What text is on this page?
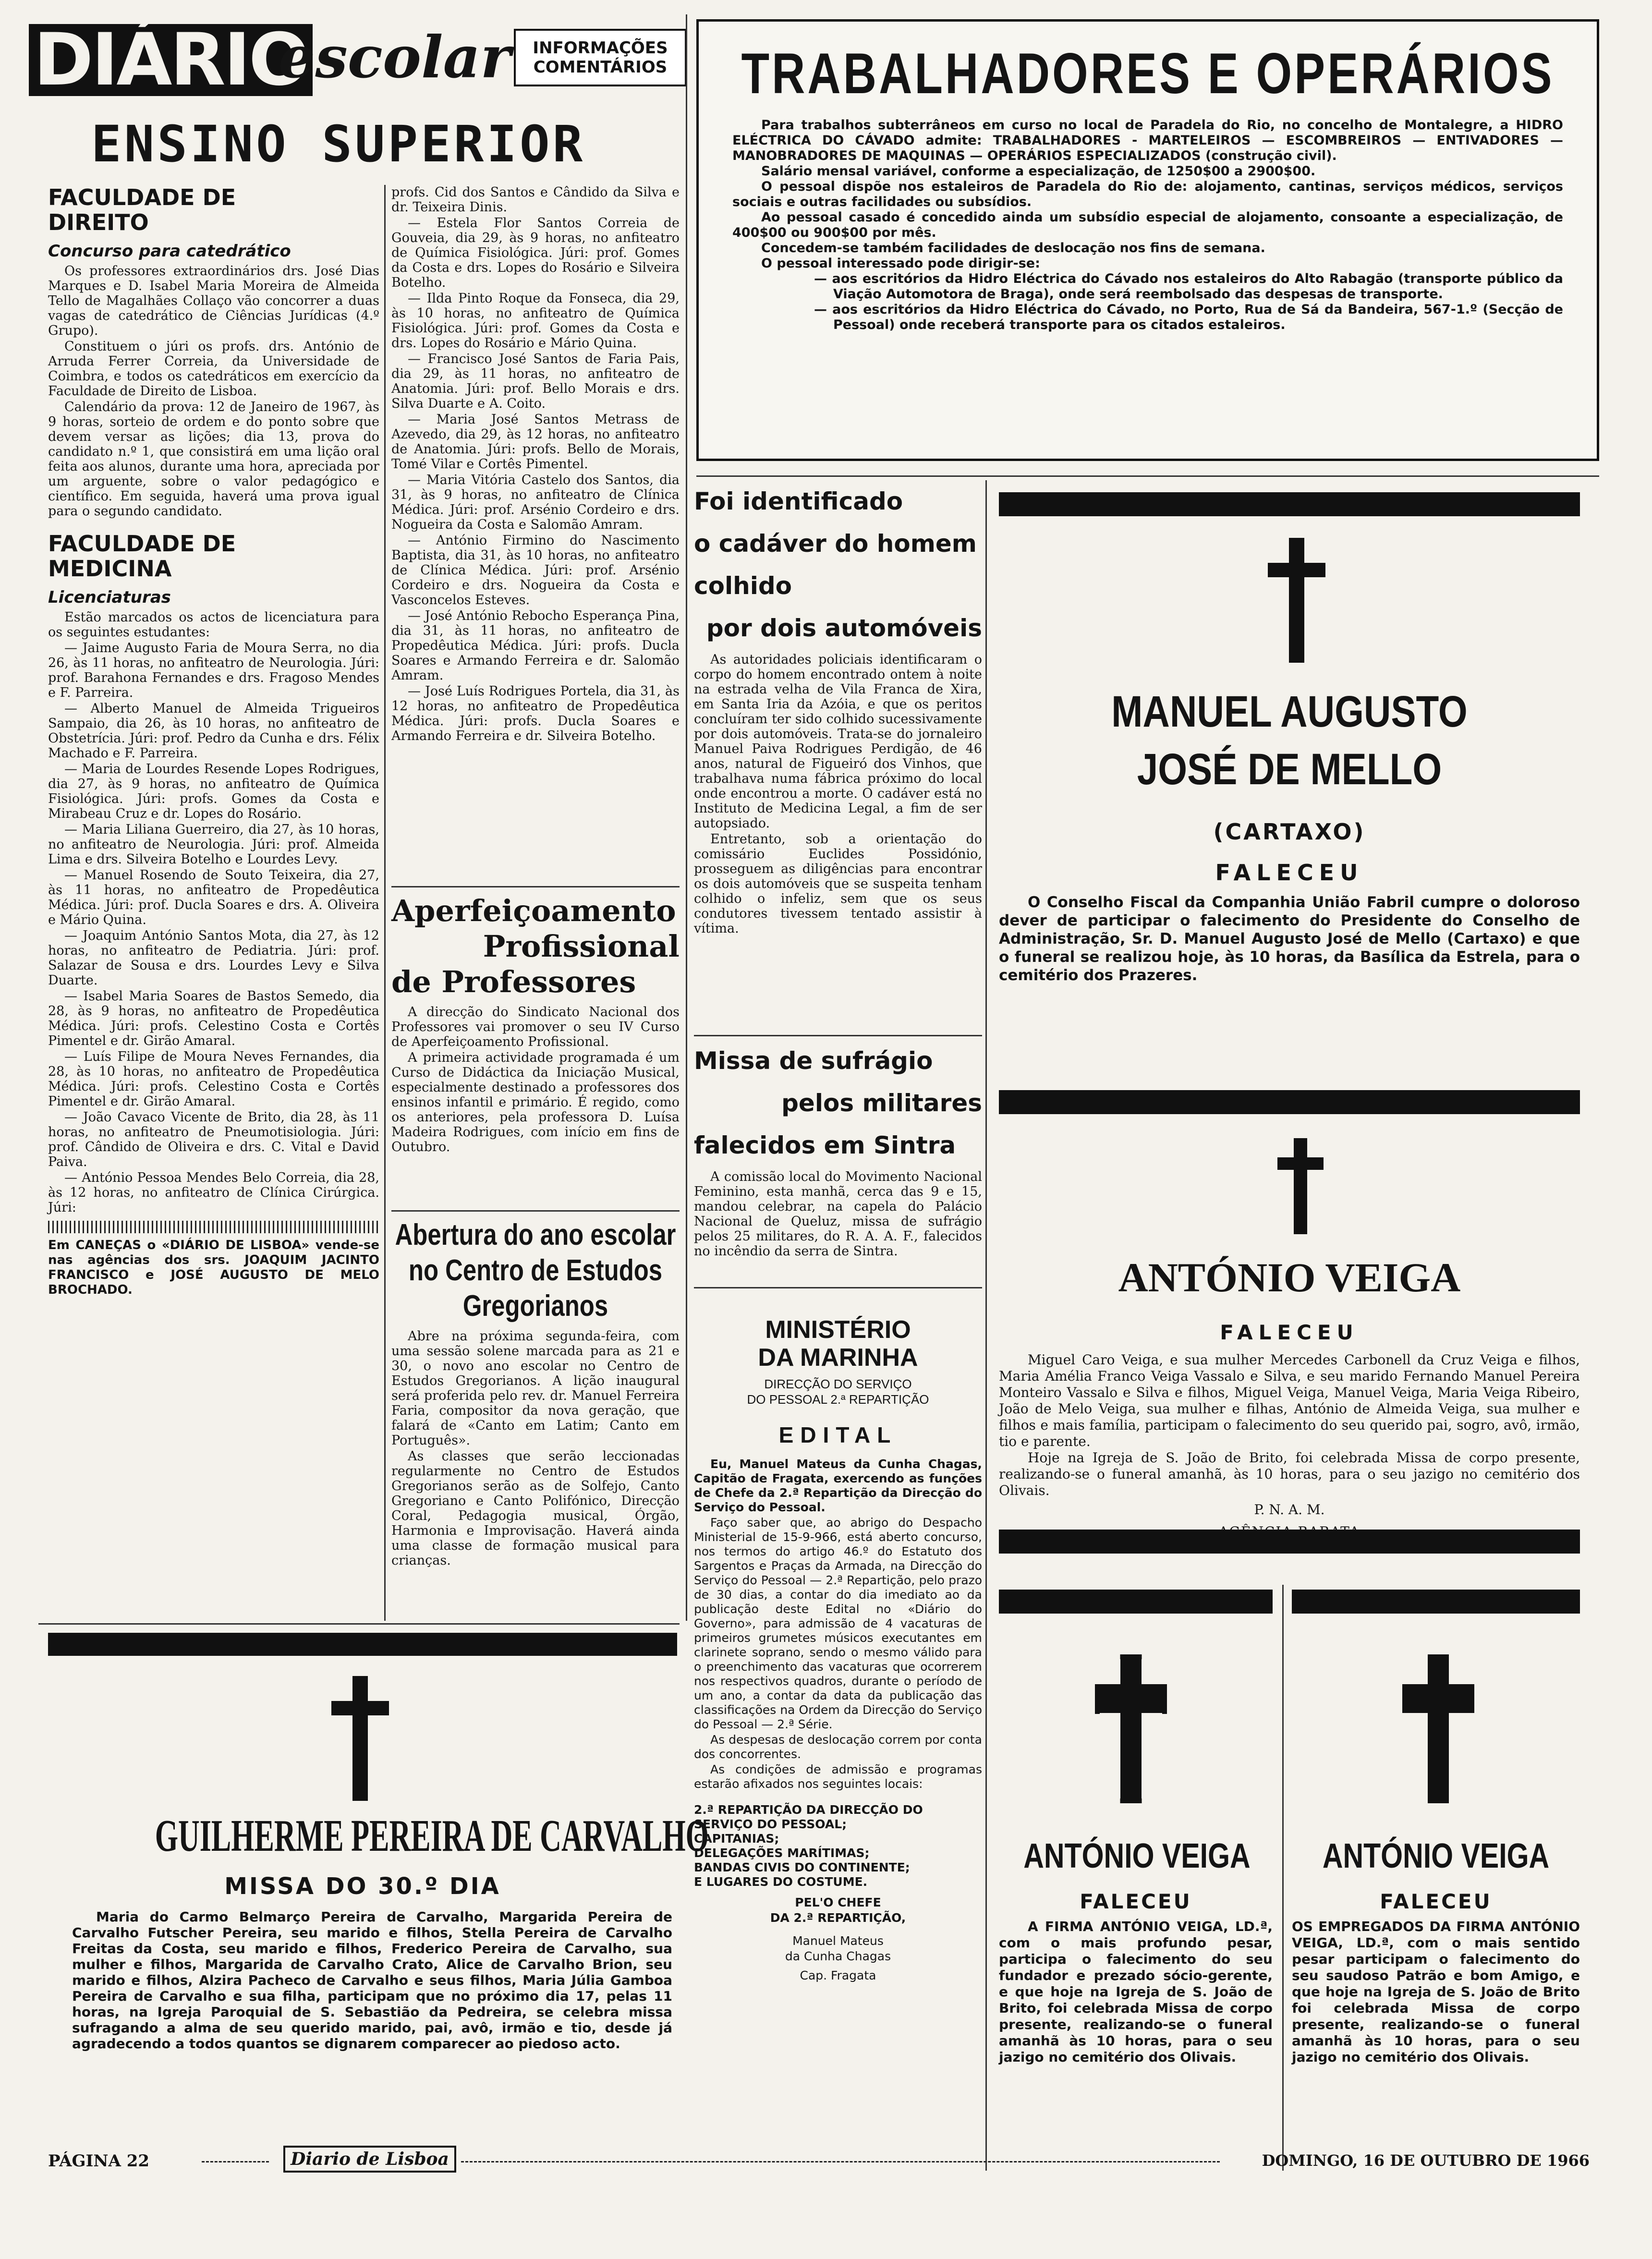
DIÁRIO
escolar	INFORMAÇÕES
COMENTÁRIOS
ENSINO SUPERIOR
FACULDADE DE DIREITO
Concurso para catedrático

Os professores extraordinários drs. José Dias Marques e D. Isabel Maria Moreira de Almeida Tello de Magalhães Collaço vão concorrer a duas vagas de catedrático de Ciências Jurídicas (4.º Grupo).

Constituem o júri os profs. drs. António de Arruda Ferrer Correia, da Universidade de Coimbra, e todos os catedráticos em exercício da Faculdade de Direito de Lisboa.

Calendário da prova: 12 de Janeiro de 1967, às 9 horas, sorteio de ordem e do ponto sobre que devem versar as lições; dia 13, prova do candidato n.º 1, que consistirá em uma lição oral feita aos alunos, durante uma hora, apreciada por um arguente, sobre o valor pedagógico e científico. Em seguida, haverá uma prova igual para o segundo candidato.

FACULDADE DE MEDICINA
Licenciaturas

Estão marcados os actos de licenciatura para os seguintes estudantes:

— Jaime Augusto Faria de Moura Serra, no dia 26, às 11 horas, no anfiteatro de Neurologia. Júri: prof. Barahona Fernandes e drs. Fragoso Mendes e F. Parreira.

— Alberto Manuel de Almeida Trigueiros Sampaio, dia 26, às 10 horas, no anfiteatro de Obstetrícia. Júri: prof. Pedro da Cunha e drs. Félix Machado e F. Parreira.

— Maria de Lourdes Resende Lopes Rodrigues, dia 27, às 9 horas, no anfiteatro de Química Fisiológica. Júri: profs. Gomes da Costa e Mirabeau Cruz e dr. Lopes do Rosário.

— Maria Liliana Guerreiro, dia 27, às 10 horas, no anfiteatro de Neurologia. Júri: prof. Almeida Lima e drs. Silveira Botelho e Lourdes Levy.

— Manuel Rosendo de Souto Teixeira, dia 27, às 11 horas, no anfiteatro de Propedêutica Médica. Júri: prof. Ducla Soares e drs. A. Oliveira e Mário Quina.

— Joaquim António Santos Mota, dia 27, às 12 horas, no anfiteatro de Pediatria. Júri: prof. Salazar de Sousa e drs. Lourdes Levy e Silva Duarte.

— Isabel Maria Soares de Bastos Semedo, dia 28, às 9 horas, no anfiteatro de Propedêutica Médica. Júri: profs. Celestino Costa e Cortês Pimentel e dr. Girão Amaral.

— Luís Filipe de Moura Neves Fernandes, dia 28, às 10 horas, no anfiteatro de Propedêutica Médica. Júri: profs. Celestino Costa e Cortês Pimentel e dr. Girão Amaral.

— João Cavaco Vicente de Brito, dia 28, às 11 horas, no anfiteatro de Pneumotisiologia. Júri: prof. Cândido de Oliveira e drs. C. Vital e David Paiva.

— António Pessoa Mendes Belo Correia, dia 28, às 12 horas, no anfiteatro de Clínica Cirúrgica. Júri:

Em CANEÇAS o «DIÁRIO DE LISBOA» vende-se nas agências dos srs. JOAQUIM JACINTO FRANCISCO e JOSÉ AUGUSTO DE MELO BROCHADO.

profs. Cid dos Santos e Cândido da Silva e dr. Teixeira Dinis.

— Estela Flor Santos Correia de Gouveia, dia 29, às 9 horas, no anfiteatro de Química Fisiológica. Júri: prof. Gomes da Costa e drs. Lopes do Rosário e Silveira Botelho.

— Ilda Pinto Roque da Fonseca, dia 29, às 10 horas, no anfiteatro de Química Fisiológica. Júri: prof. Gomes da Costa e drs. Lopes do Rosário e Mário Quina.

— Francisco José Santos de Faria Pais, dia 29, às 11 horas, no anfiteatro de Anatomia. Júri: prof. Bello Morais e drs. Silva Duarte e A. Coito.

— Maria José Santos Metrass de Azevedo, dia 29, às 12 horas, no anfiteatro de Anatomia. Júri: profs. Bello de Morais, Tomé Vilar e Cortês Pimentel.

— Maria Vitória Castelo dos Santos, dia 31, às 9 horas, no anfiteatro de Clínica Médica. Júri: prof. Arsénio Cordeiro e drs. Nogueira da Costa e Salomão Amram.

— António Firmino do Nascimento Baptista, dia 31, às 10 horas, no anfiteatro de Clínica Médica. Júri: prof. Arsénio Cordeiro e drs. Nogueira da Costa e Vasconcelos Esteves.

— José António Rebocho Esperança Pina, dia 31, às 11 horas, no anfiteatro de Propedêutica Médica. Júri: profs. Ducla Soares e Armando Ferreira e dr. Salomão Amram.

— José Luís Rodrigues Portela, dia 31, às 12 horas, no anfiteatro de Propedêutica Médica. Júri: profs. Ducla Soares e Armando Ferreira e dr. Silveira Botelho.

Aperfeiçoamento
Profissional
de Professores

A direcção do Sindicato Nacional dos Professores vai promover o seu IV Curso de Aperfeiçoamento Profissional.

A primeira actividade programada é um Curso de Didáctica da Iniciação Musical, especialmente destinado a professores dos ensinos infantil e primário. É regido, como os anteriores, pela professora D. Luísa Madeira Rodrigues, com início em fins de Outubro.

Abertura do ano escolar
no Centro de Estudos
Gregorianos

Abre na próxima segunda-feira, com uma sessão solene marcada para as 21 e 30, o novo ano escolar no Centro de Estudos Gregorianos. A lição inaugural será proferida pelo rev. dr. Manuel Ferreira Faria, compositor da nova geração, que falará de «Canto em Latim; Canto em Português».

As classes que serão leccionadas regularmente no Centro de Estudos Gregorianos serão as de Solfejo, Canto Gregoriano e Canto Polifónico, Direcção Coral, Pedagogia musical, Órgão, Harmonia e Improvisação. Haverá ainda uma classe de formação musical para crianças.

TRABALHADORES E OPERÁRIOS

Para trabalhos subterrâneos em curso no local de Paradela do Rio, no concelho de Montalegre, a HIDRO ELÉCTRICA DO CÁVADO admite: TRABALHADORES - MARTELEIROS — ESCOMBREIROS — ENTIVADORES — MANOBRADORES DE MAQUINAS — OPERÁRIOS ESPECIALIZADOS (construção civil).

Salário mensal variável, conforme a especialização, de 1250$00 a 2900$00.

O pessoal dispõe nos estaleiros de Paradela do Rio de: alojamento, cantinas, serviços médicos, serviços sociais e outras facilidades ou subsídios.

Ao pessoal casado é concedido ainda um subsídio especial de alojamento, consoante a especialização, de 400$00 ou 900$00 por mês.

Concedem-se também facilidades de deslocação nos fins de semana.

O pessoal interessado pode dirigir-se:

— aos escritórios da Hidro Eléctrica do Cávado nos estaleiros do Alto Rabagão (transporte público da Viação Automotora de Braga), onde será reembolsado das despesas de transporte.

— aos escritórios da Hidro Eléctrica do Cávado, no Porto, Rua de Sá da Bandeira, 567-1.º (Secção de Pessoal) onde receberá transporte para os citados estaleiros.

Foi identificado
o cadáver do homem
colhido
por dois automóveis

As autoridades policiais identificaram o corpo do homem encontrado ontem à noite na estrada velha de Vila Franca de Xira, em Santa Iria da Azóia, e que os peritos concluíram ter sido colhido sucessivamente por dois automóveis. Trata-se do jornaleiro Manuel Paiva Rodrigues Perdigão, de 46 anos, natural de Figueiró dos Vinhos, que trabalhava numa fábrica próximo do local onde encontrou a morte. O cadáver está no Instituto de Medicina Legal, a fim de ser autopsiado.

Entretanto, sob a orientação do comissário Euclides Possidónio, prosseguem as diligências para encontrar os dois automóveis que se suspeita tenham colhido o infeliz, sem que os seus condutores tivessem tentado assistir à vítima.

Missa de sufrágio
pelos militares
falecidos em Sintra

A comissão local do Movimento Nacional Feminino, esta manhã, cerca das 9 e 15, mandou celebrar, na capela do Palácio Nacional de Queluz, missa de sufrágio pelos 25 militares, do R. A. A. F., falecidos no incêndio da serra de Sintra.

MINISTÉRIO
DA MARINHA
DIRECÇÃO DO SERVIÇO
DO PESSOAL 2.ª REPARTIÇÃO
EDITAL

Eu, Manuel Mateus da Cunha Chagas, Capitão de Fragata, exercendo as funções de Chefe da 2.ª Repartição da Direcção do Serviço do Pessoal.

Faço saber que, ao abrigo do Despacho Ministerial de 15-9-966, está aberto concurso, nos termos do artigo 46.º do Estatuto dos Sargentos e Praças da Armada, na Direcção do Serviço do Pessoal — 2.ª Repartição, pelo prazo de 30 dias, a contar do dia imediato ao da publicação deste Edital no «Diário do Governo», para admissão de 4 vacaturas de primeiros grumetes músicos executantes em clarinete soprano, sendo o mesmo válido para o preenchimento das vacaturas que ocorrerem nos respectivos quadros, durante o período de um ano, a contar da data da publicação das classificações na Ordem da Direcção do Serviço do Pessoal — 2.ª Série.

As despesas de deslocação correm por conta dos concorrentes.

As condições de admissão e programas estarão afixados nos seguintes locais:

2.ª REPARTIÇÃO DA DIRECÇÃO DO SERVIÇO DO PESSOAL;
CAPITANIAS;
DELEGAÇÕES MARÍTIMAS;
BANDAS CIVIS DO CONTINENTE;
E LUGARES DO COSTUME.
PEL'O CHEFE
DA 2.ª REPARTIÇÃO,
Manuel Mateus
da Cunha Chagas
Cap. Fragata
MANUEL AUGUSTO
JOSÉ DE MELLO
(CARTAXO)
FALECEU
O Conselho Fiscal da Companhia União Fabril cumpre o doloroso dever de participar o falecimento do Presidente do Conselho de Administração, Sr. D. Manuel Augusto José de Mello (Cartaxo) e que o funeral se realizou hoje, às 10 horas, da Basílica da Estrela, para o cemitério dos Prazeres.
ANTÓNIO VEIGA
FALECEU

Miguel Caro Veiga, e sua mulher Mercedes Carbonell da Cruz Veiga e filhos, Maria Amélia Franco Veiga Vassalo e Silva, e seu marido Fernando Manuel Pereira Monteiro Vassalo e Silva e filhos, Miguel Veiga, Manuel Veiga, Maria Veiga Ribeiro, João de Melo Veiga, sua mulher e filhas, António de Almeida Veiga, sua mulher e filhos e mais família, participam o falecimento do seu querido pai, sogro, avô, irmão, tio e parente.

Hoje na Igreja de S. João de Brito, foi celebrada Missa de corpo presente, realizando-se o funeral amanhã, às 10 horas, para o seu jazigo no cemitério dos Olivais.

P. N. A. M.
ANTÓNIO VEIGA
FALECEU
A FIRMA ANTÓNIO VEIGA, LD.ª, com o mais profundo pesar, participa o falecimento do seu fundador e prezado sócio-gerente, e que hoje na Igreja de S. João de Brito, foi celebrada Missa de corpo presente, realizando-se o funeral amanhã às 10 horas, para o seu jazigo no cemitério dos Olivais.
ANTÓNIO VEIGA
FALECEU
OS EMPREGADOS DA FIRMA ANTÓNIO VEIGA, LD.ª, com o mais sentido pesar participam o falecimento do seu saudoso Patrão e bom Amigo, e que hoje na Igreja de S. João de Brito foi celebrada Missa de corpo presente, realizando-se o funeral amanhã às 10 horas, para o seu jazigo no cemitério dos Olivais.
GUILHERME PEREIRA DE CARVALHO
MISSA DO 30.º DIA
Maria do Carmo Belmarço Pereira de Carvalho, Margarida Pereira de Carvalho Futscher Pereira, seu marido e filhos, Stella Pereira de Carvalho Freitas da Costa, seu marido e filhos, Frederico Pereira de Carvalho, sua mulher e filhos, Margarida de Carvalho Crato, Alice de Carvalho Brion, seu marido e filhos, Alzira Pacheco de Carvalho e seus filhos, Maria Júlia Gamboa Pereira de Carvalho e sua filha, participam que no próximo dia 17, pelas 11 horas, na Igreja Paroquial de S. Sebastião da Pedreira, se celebra missa sufragando a alma de seu querido marido, pai, avô, irmão e tio, desde já agradecendo a todos quantos se dignarem comparecer ao piedoso acto.
PÁGINA 22	Diario de Lisboa	DOMINGO, 16 DE OUTUBRO DE 1966
